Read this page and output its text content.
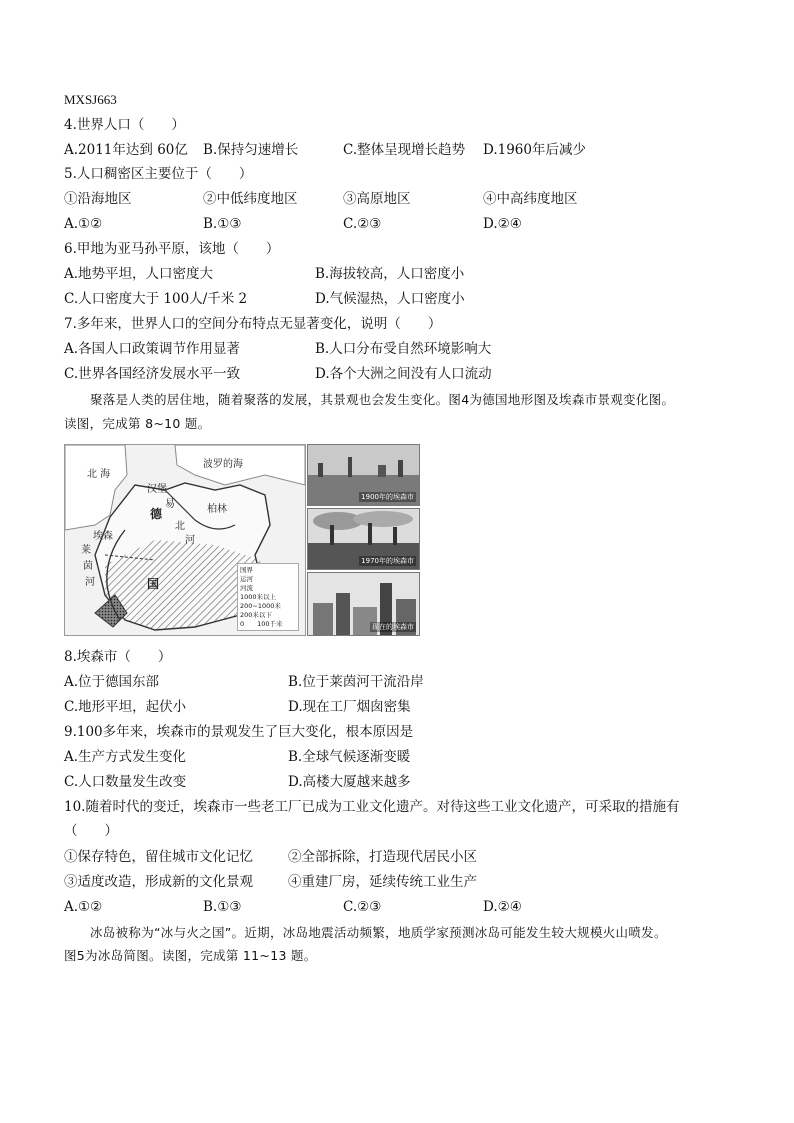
MXSJ663
4.世界人口（　　）
A.2011年达到 60亿 B.保持匀速增长	C.整体呈现增长趋势 D.1960年后减少
5.人口稠密区主要位于（　　）
①沿海地区	②中低纬度地区	③高原地区	④中高纬度地区
A.①②	B.①③	C.②③	D.②④
6.甲地为亚马孙平原，该地（　　）
A.地势平坦，人口密度大	B.海拔较高，人口密度小
C.人口密度大于 100人/千米 2	D.气候湿热，人口密度小
7.多年来，世界人口的空间分布特点无显著变化，说明（　　）
A.各国人口政策调节作用显著	B.人口分布受自然环境影响大
C.世界各国经济发展水平一致	D.各个大洲之间没有人口流动
聚落是人类的居住地，随着聚落的发展，其景观也会发生变化。图4为德国地形图及埃森市景观变化图。
读图，完成第 8~10 题。
北 海
波罗的海
汉堡
柏林
德
易
北
河
埃森
莱
茵
河	国
国界
运河
河流
1000米以上
200~1000米
200米以下
0　　100千米
1900年的埃森市
1970年的埃森市
现在的埃森市
8.埃森市（　　）
A.位于德国东部	B.位于莱茵河干流沿岸
C.地形平坦，起伏小	D.现在工厂烟囱密集
9.100多年来，埃森市的景观发生了巨大变化，根本原因是
A.生产方式发生变化	B.全球气候逐渐变暖
C.人口数量发生改变	D.高楼大厦越来越多
10.随着时代的变迁，埃森市一些老工厂已成为工业文化遗产。对待这些工业文化遗产，可采取的措施有
（　　）
①保存特色，留住城市文化记忆	②全部拆除，打造现代居民小区
③适度改造，形成新的文化景观	④重建厂房，延续传统工业生产
A.①②	B.①③	C.②③	D.②④
冰岛被称为“冰与火之国”。近期，冰岛地震活动频繁，地质学家预测冰岛可能发生较大规模火山喷发。
图5为冰岛简图。读图，完成第 11~13 题。
